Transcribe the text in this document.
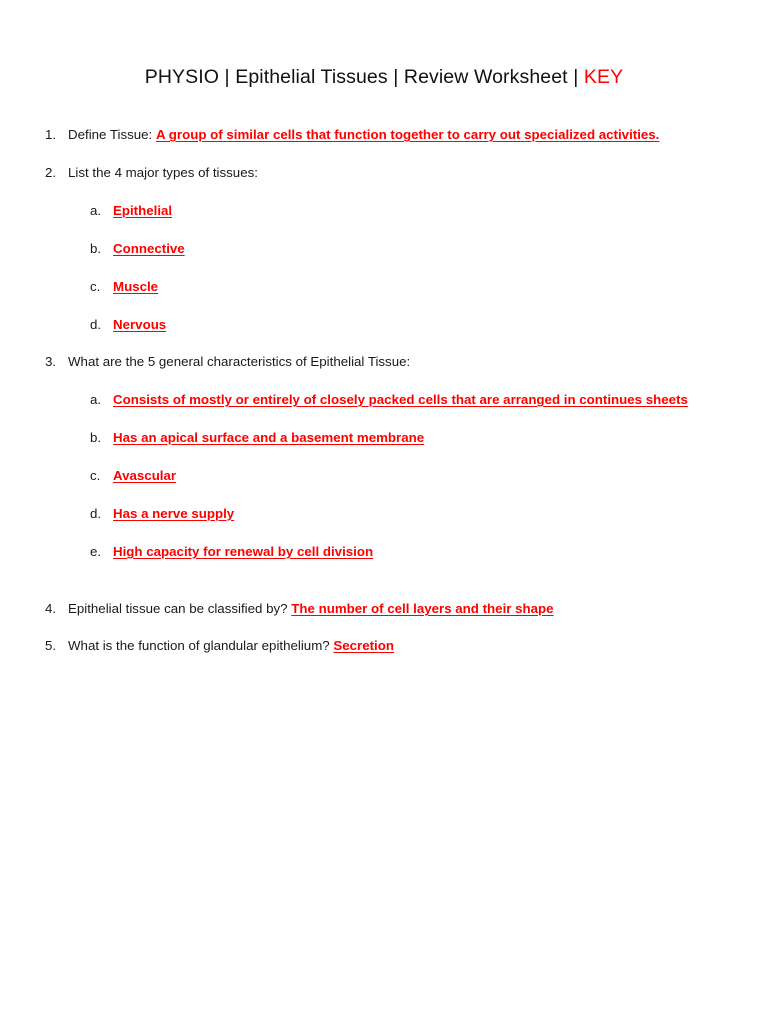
PHYSIO | Epithelial Tissues | Review Worksheet | KEY
1. Define Tissue: A group of similar cells that function together to carry out specialized activities.
2. List the 4 major types of tissues:
a. Epithelial
b. Connective
c. Muscle
d. Nervous
3. What are the 5 general characteristics of Epithelial Tissue:
a. Consists of mostly or entirely of closely packed cells that are arranged in continues sheets
b. Has an apical surface and a basement membrane
c. Avascular
d. Has a nerve supply
e. High capacity for renewal by cell division
4. Epithelial tissue can be classified by? The number of cell layers and their shape
5. What is the function of glandular epithelium? Secretion
